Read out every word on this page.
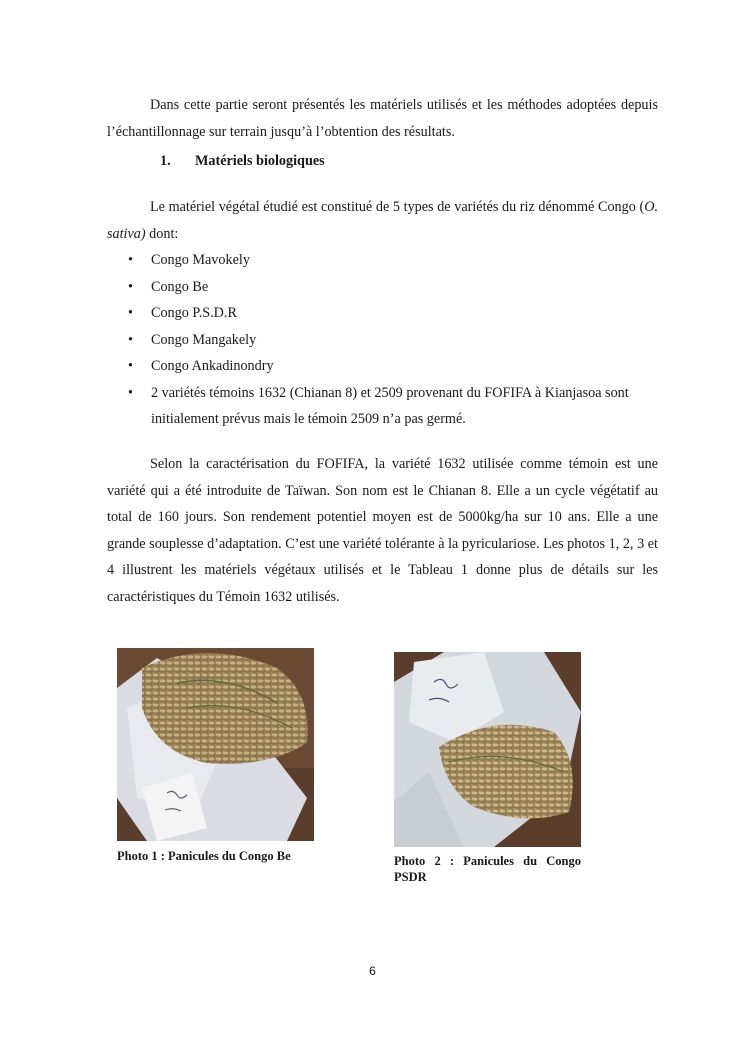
Dans cette partie seront présentés les matériels utilisés et les méthodes adoptées depuis l’échantillonnage sur terrain jusqu’à l’obtention des résultats.

1. Matériels biologiques

Le matériel végétal étudié est constitué de 5 types de variétés du riz dénommé Congo (O. sativa) dont:

• Congo Mavokely
• Congo Be
• Congo P.S.D.R
• Congo Mangakely
• Congo Ankadinondry
• 2 variétés témoins 1632 (Chianan 8) et 2509 provenant du FOFIFA à Kianjasoa sont initialement prévus mais le témoin 2509 n’a pas germé.

Selon la caractérisation du FOFIFA, la variété 1632 utilisée comme témoin est une variété qui a été introduite de Taïwan. Son nom est le Chianan 8. Elle a un cycle végétatif au total de 160 jours. Son rendement potentiel moyen est de 5000kg/ha sur 10 ans. Elle a une grande souplesse d’adaptation. C’est une variété tolérante à la pyriculariose. Les photos 1, 2, 3 et 4 illustrent les matériels végétaux utilisés et le Tableau 1 donne plus de détails sur les caractéristiques du Témoin 1632 utilisés.

Photo 1 : Panicules du Congo Be	Photo 2 : Panicules du Congo PSDR

6
